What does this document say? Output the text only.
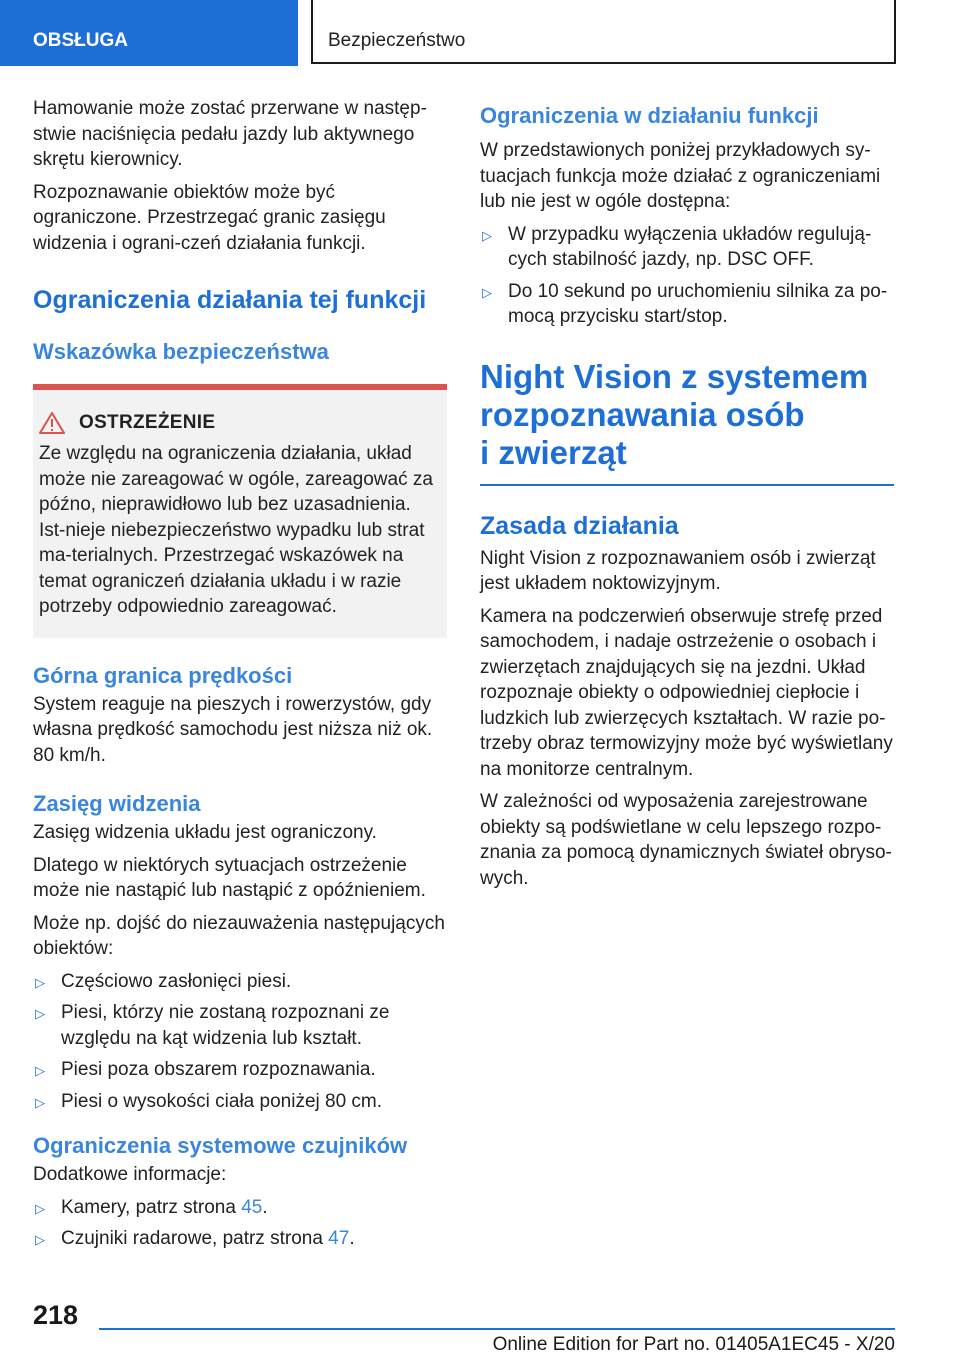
OBSŁUGA	Bezpieczeństwo

Hamowanie może zostać przerwane w następ‐stwie naciśnięcia pedału jazdy lub aktywnego skrętu kierownicy.

Rozpoznawanie obiektów może być ograniczone. Przestrzegać granic zasięgu widzenia i ograni‐czeń działania funkcji.

Ograniczenia działania tej funkcji
Wskazówka bezpieczeństwa
OSTRZEŻENIE

Ze względu na ograniczenia działania, układ może nie zareagować w ogóle, zareagować za późno, nieprawidłowo lub bez uzasadnienia. Ist‐nieje niebezpieczeństwo wypadku lub strat ma‐terialnych. Przestrzegać wskazówek na temat ograniczeń działania układu i w razie potrzeby odpowiednio zareagować.

Górna granica prędkości

System reaguje na pieszych i rowerzystów, gdy własna prędkość samochodu jest niższa niż ok. 80 km/h.

Zasięg widzenia

Zasięg widzenia układu jest ograniczony.

Dlatego w niektórych sytuacjach ostrzeżenie może nie nastąpić lub nastąpić z opóźnieniem.

Może np. dojść do niezauważenia następujących obiektów:

▷ Częściowo zasłonięci piesi.
▷ Piesi, którzy nie zostaną rozpoznani ze względu na kąt widzenia lub kształt.
▷ Piesi poza obszarem rozpoznawania.
▷ Piesi o wysokości ciała poniżej 80 cm.
Ograniczenia systemowe czujników

Dodatkowe informacje:

▷ Kamery, patrz strona 45.
▷ Czujniki radarowe, patrz strona 47.
Ograniczenia w działaniu funkcji

W przedstawionych poniżej przykładowych sy‐tuacjach funkcja może działać z ograniczeniami lub nie jest w ogóle dostępna:

▷ W przypadku wyłączenia układów regulują‐cych stabilność jazdy, np. DSC OFF.
▷ Do 10 sekund po uruchomieniu silnika za po‐mocą przycisku start/stop.
Night Vision z systemem
rozpoznawania osób
i zwierząt
Zasada działania

Night Vision z rozpoznawaniem osób i zwierząt jest układem noktowizyjnym.

Kamera na podczerwień obserwuje strefę przed samochodem, i nadaje ostrzeżenie o osobach i zwierzętach znajdujących się na jezdni. Układ rozpoznaje obiekty o odpowiedniej ciepłocie i ludzkich lub zwierzęcych kształtach. W razie po‐trzeby obraz termowizyjny może być wyświetlany na monitorze centralnym.

W zależności od wyposażenia zarejestrowane obiekty są podświetlane w celu lepszego rozpo‐znania za pomocą dynamicznych świateł obryso‐wych.

218
Online Edition for Part no. 01405A1EC45 - X/20
